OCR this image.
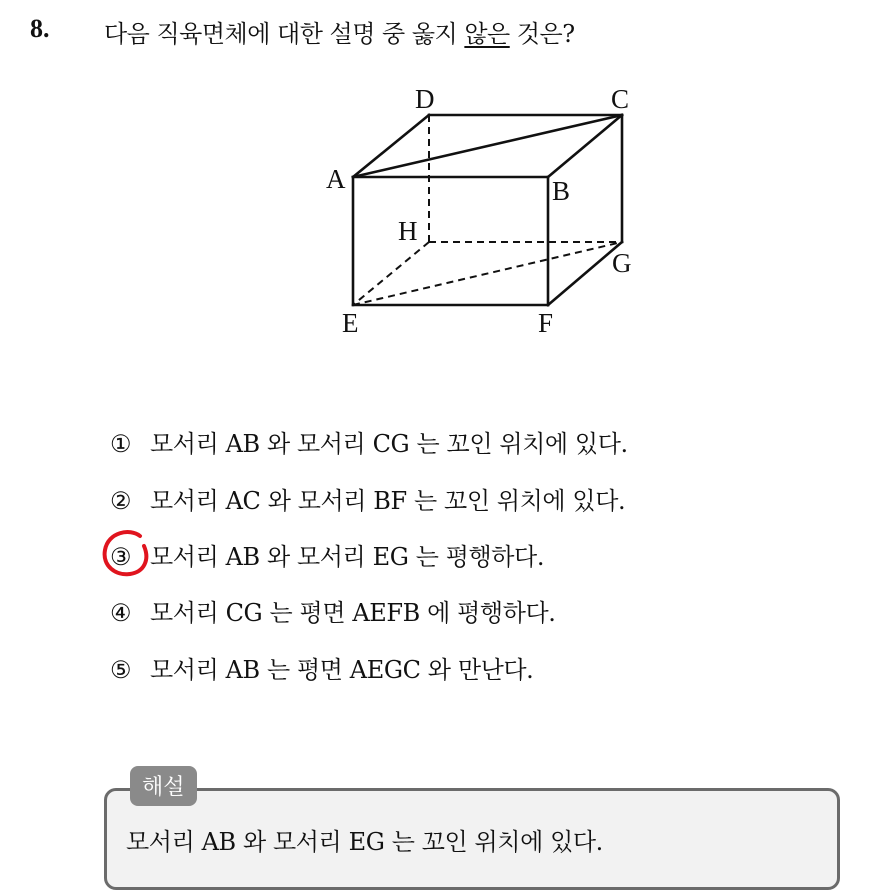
8. 다음 직육면체에 대한 설명 중 옳지 않은 것은?
D	C
A	B
H
G
E	F
① 모서리 AB 와 모서리 CG 는 꼬인 위치에 있다.
② 모서리 AC 와 모서리 BF 는 꼬인 위치에 있다.
③ 모서리 AB 와 모서리 EG 는 평행하다.
④ 모서리 CG 는 평면 AEFB 에 평행하다.
⑤ 모서리 AB 는 평면 AEGC 와 만난다.
해설
모서리 AB 와 모서리 EG 는 꼬인 위치에 있다.
